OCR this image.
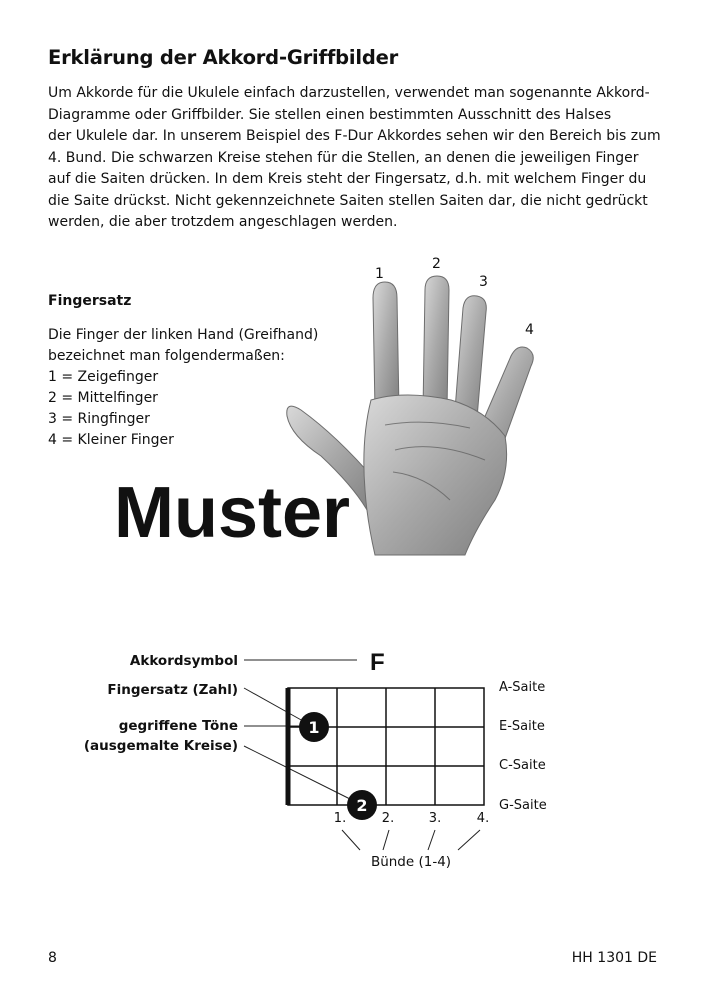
Erklärung der Akkord-Griffbilder
Um Akkorde für die Ukulele einfach darzustellen, verwendet man sogenannte Akkord-
Diagramme oder Griffbilder. Sie stellen einen bestimmten Ausschnitt des Halses
der Ukulele dar. In unserem Beispiel des F-Dur Akkordes sehen wir den Bereich bis zum
4. Bund. Die schwarzen Kreise stehen für die Stellen, an denen die jeweiligen Finger
auf die Saiten drücken. In dem Kreis steht der Fingersatz, d.h. mit welchem Finger du
die Saite drückst. Nicht gekennzeichnete Saiten stellen Saiten dar, die nicht gedrückt
werden, die aber trotzdem angeschlagen werden.
Fingersatz
Die Finger der linken Hand (Greifhand)
bezeichnet man folgendermaßen:
1 = Zeigefinger
2 = Mittelfinger
3 = Ringfinger
4 = Kleiner Finger
1
2
3
4
Muster
Akkordsymbol
Fingersatz (Zahl)
gegriffene Töne
(ausgemalte Kreise)
F
1
2
A-Saite
E-Saite
C-Saite
G-Saite
1.	2.	3.	4.
Bünde (1-4)
8	HH 1301 DE
